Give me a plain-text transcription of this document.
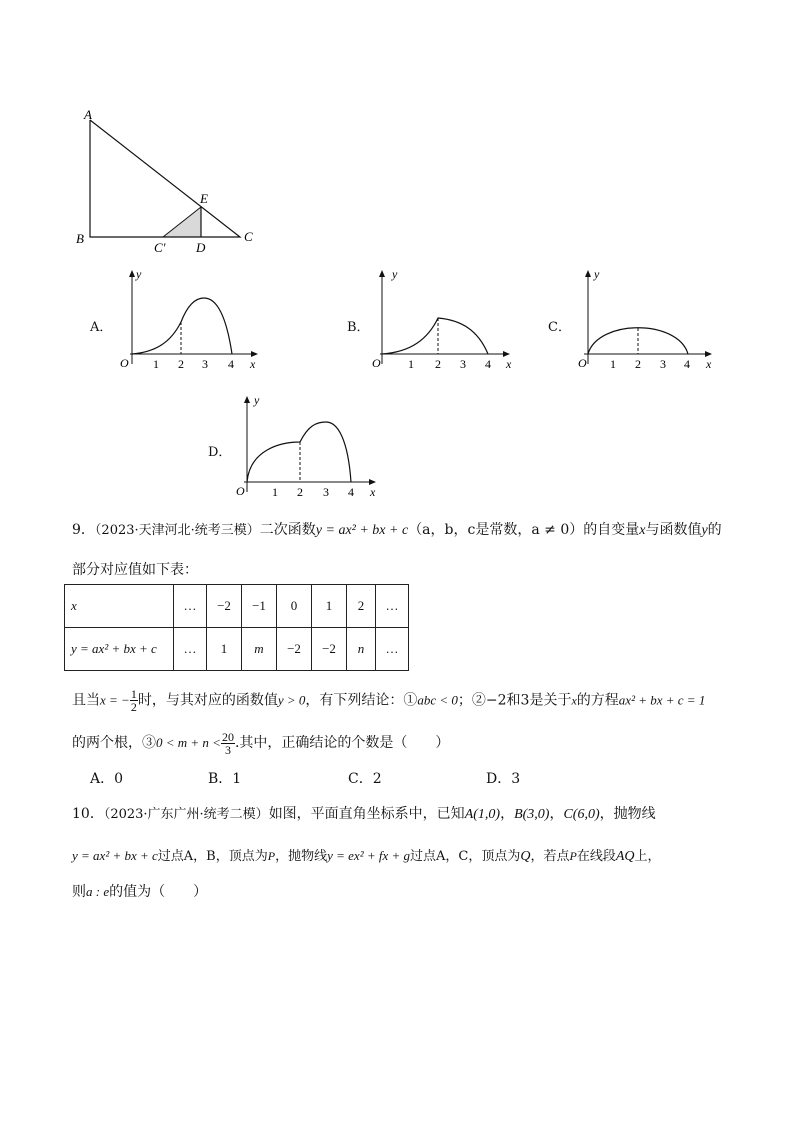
A
B	C
E
C′ D
A．
O 1 2 3 4 x
y
B．
O 1 2 3 4 x
y
C．
O 1 2 3 4 x
y
D．
O 1 2 3 4 x
y
9．（2023·天津河北·统考三模）二次函数y = ax² + bx + c（a，b，c是常数，a ≠ 0）的自变量x与函数值y的
部分对应值如下表：
x	…	−2	−1	0	1	2	…
y = ax² + bx + c	…	1	m	−2	−2	n	…
且当x = − $\frac{1}{2}$ 时，与其对应的函数值y > 0，有下列结论：①abc < 0；②−2和3是关于x的方程ax² + bx + c = 1
的两个根，③0 < $m + n < \frac{20}{3}$ .其中，正确结论的个数是（　　）
A．0	B．1	C．2	D．3
10．（2023·广东广州·统考二模）如图，平面直角坐标系中，已知A(1,0)，B(3,0)，C(6,0)，抛物线
y = ax² + bx + c过点A，B，顶点为P，抛物线y = ex² + fx + g过点A，C，顶点为Q，若点P在线段AQ上，
则a : e的值为（　　）
